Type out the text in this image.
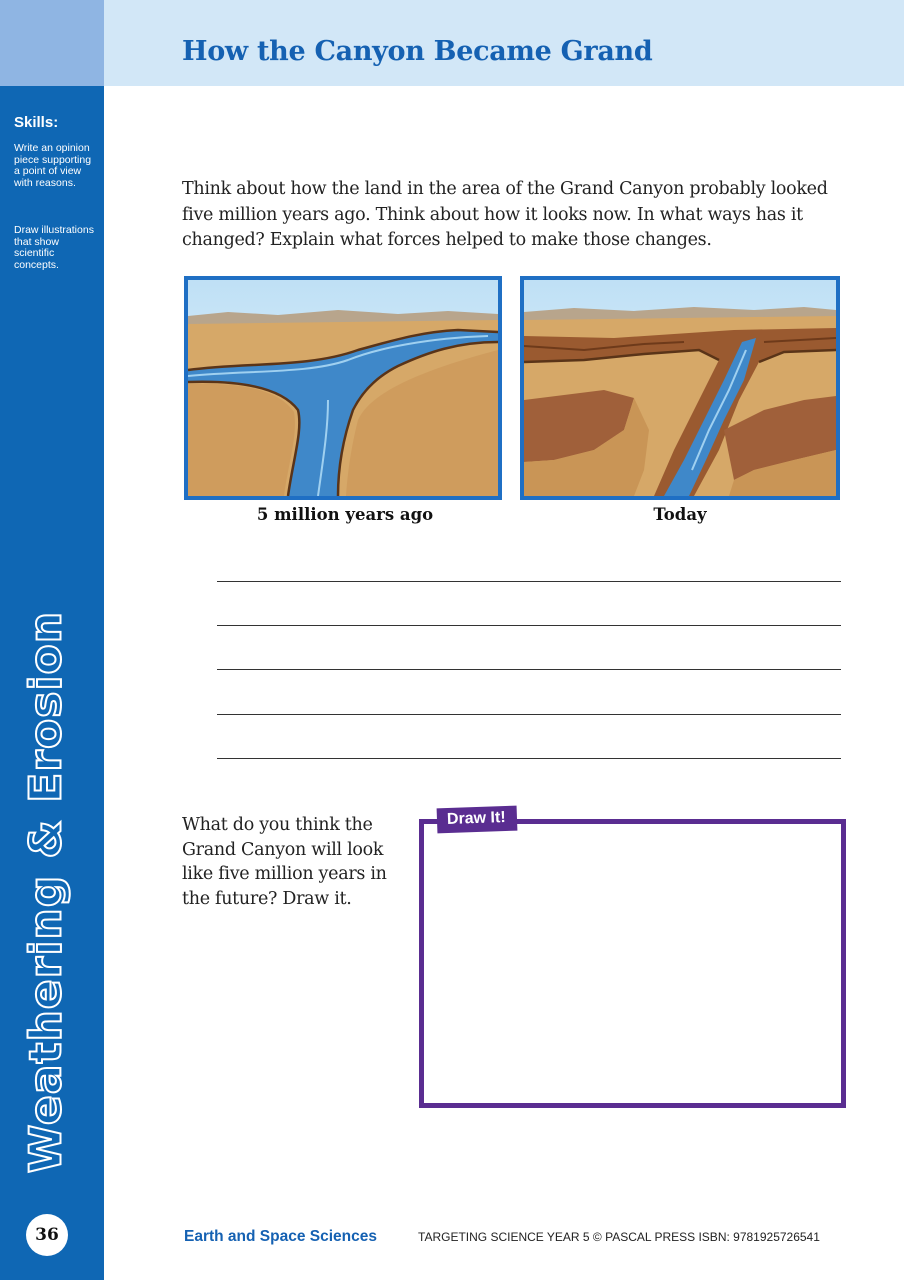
Skills:
Write an opinion piece supporting a point of view with reasons.
Draw illustrations that show scientific concepts.
Weathering & Erosion
36
How the Canyon Became Grand

Think about how the land in the area of the Grand Canyon probably looked five million years ago. Think about how it looks now. In what ways has it changed? Explain what forces helped to make those changes.

5 million years ago	Today

What do you think the Grand Canyon will look like five million years in the future? Draw it.

Draw It!
Earth and Space Sciences	TARGETING SCIENCE YEAR 5 © PASCAL PRESS ISBN: 9781925726541
